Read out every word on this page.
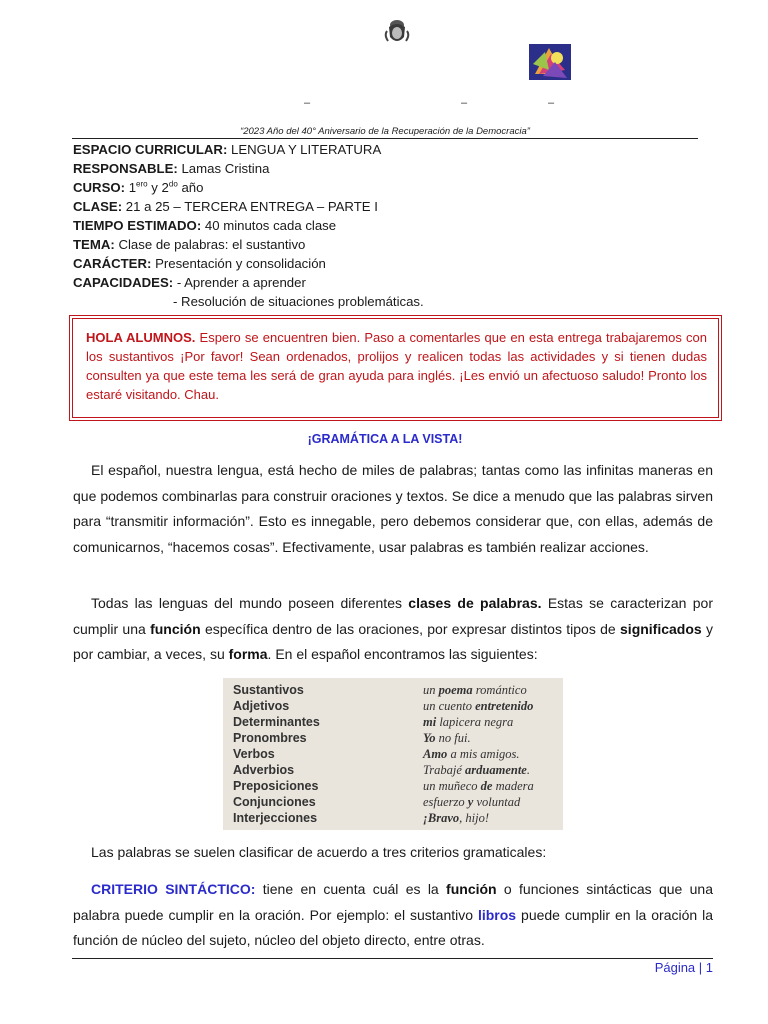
–	–	–
“2023 Año del 40° Aniversario de la Recuperación de la Democracia”
ESPACIO CURRICULAR: LENGUA Y LITERATURA
RESPONSABLE: Lamas Cristina
CURSO: $1^{ero}$ y $2^{do}$ año
CLASE: 21 a 25 – TERCERA ENTREGA – PARTE I
TIEMPO ESTIMADO: 40 minutos cada clase
TEMA: Clase de palabras: el sustantivo
CARÁCTER: Presentación y consolidación
CAPACIDADES: - Aprender a aprender
- Resolución de situaciones problemáticas.
HOLA ALUMNOS. Espero se encuentren bien. Paso a comentarles que en esta entrega trabajaremos con los sustantivos ¡Por favor! Sean ordenados, prolijos y realicen todas las actividades y si tienen dudas consulten ya que este tema les será de gran ayuda para inglés. ¡Les envió un afectuoso saludo! Pronto los estaré visitando. Chau.
¡GRAMÁTICA A LA VISTA!
El español, nuestra lengua, está hecho de miles de palabras; tantas como las infinitas maneras en que podemos combinarlas para construir oraciones y textos. Se dice a menudo que las palabras sirven para “transmitir información”. Esto es innegable, pero debemos considerar que, con ellas, además de comunicarnos, “hacemos cosas”. Efectivamente, usar palabras es también realizar acciones.
Todas las lenguas del mundo poseen diferentes clases de palabras. Estas se caracterizan por cumplir una función específica dentro de las oraciones, por expresar distintos tipos de significados y por cambiar, a veces, su forma. En el español encontramos las siguientes:
Sustantivos	un poema romántico
Adjetivos	un cuento entretenido
Determinantes	mi lapicera negra
Pronombres	Yo no fui.
Verbos	Amo a mis amigos.
Adverbios	Trabajé arduamente.
Preposiciones	un muñeco de madera
Conjunciones	esfuerzo y voluntad
Interjecciones	¡Bravo, hijo!
Las palabras se suelen clasificar de acuerdo a tres criterios gramaticales:
CRITERIO SINTÁCTICO: tiene en cuenta cuál es la función o funciones sintácticas que una palabra puede cumplir en la oración. Por ejemplo: el sustantivo libros puede cumplir en la oración la función de núcleo del sujeto, núcleo del objeto directo, entre otras.
Página | 1
